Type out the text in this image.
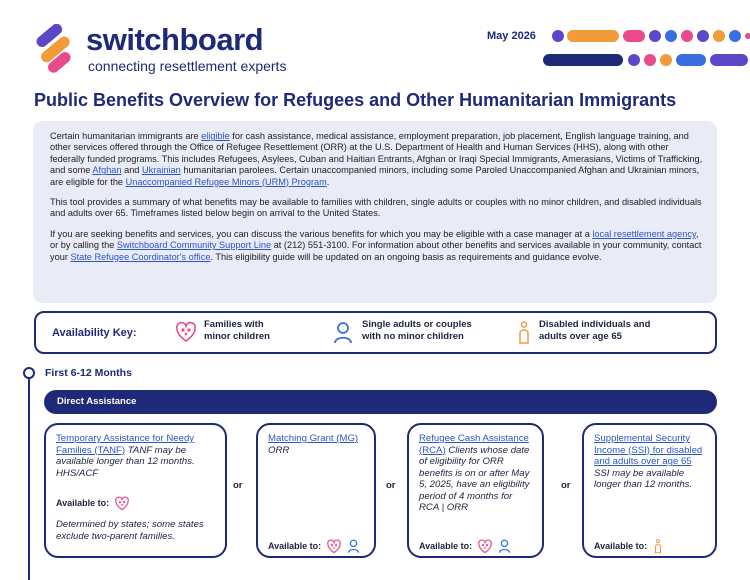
switchboard
connecting resettlement experts
May 2026
Public Benefits Overview for Refugees and Other Humanitarian Immigrants

Certain humanitarian immigrants are eligible for cash assistance, medical assistance, employment preparation, job placement, English language training, and other services offered through the Office of Refugee Resettlement (ORR) at the U.S. Department of Health and Human Services (HHS), along with other federally funded programs. This includes Refugees, Asylees, Cuban and Haitian Entrants, Afghan or Iraqi Special Immigrants, Amerasians, Victims of Trafficking, and some Afghan and Ukrainian humanitarian parolees. Certain unaccompanied minors, including some Paroled Unaccompanied Afghan and Ukrainian minors, are eligible for the Unaccompanied Refugee Minors (URM) Program.

This tool provides a summary of what benefits may be available to families with children, single adults or couples with no minor children, and disabled individuals and adults over 65. Timeframes listed below begin on arrival to the United States.

If you are seeking benefits and services, you can discuss the various benefits for which you may be eligible with a case manager at a local resettlement agency, or by calling the Switchboard Community Support Line at (212) 551-3100. For information about other benefits and services available in your community, contact your State Refugee Coordinator's office. This eligibility guide will be updated on an ongoing basis as requirements and guidance evolve.

Availability Key:
Families with
minor children
Single adults or couples
with no minor children
Disabled individuals and
adults over age 65
First 6-12 Months
Direct Assistance
Temporary Assistance for Needy Families (TANF) TANF may be available longer than 12 months. HHS/ACF
Available to:
Determined by states; some states exclude two-parent families.
or
Matching Grant (MG)
ORR
Available to:
or
Refugee Cash Assistance (RCA) Clients whose date of eligibility for ORR benefits is on or after May 5, 2025, have an eligibility period of 4 months for RCA | ORR
Available to:
or
Supplemental Security Income (SSI) for disabled and adults over age 65 SSI may be available longer than 12 months.
Available to:
